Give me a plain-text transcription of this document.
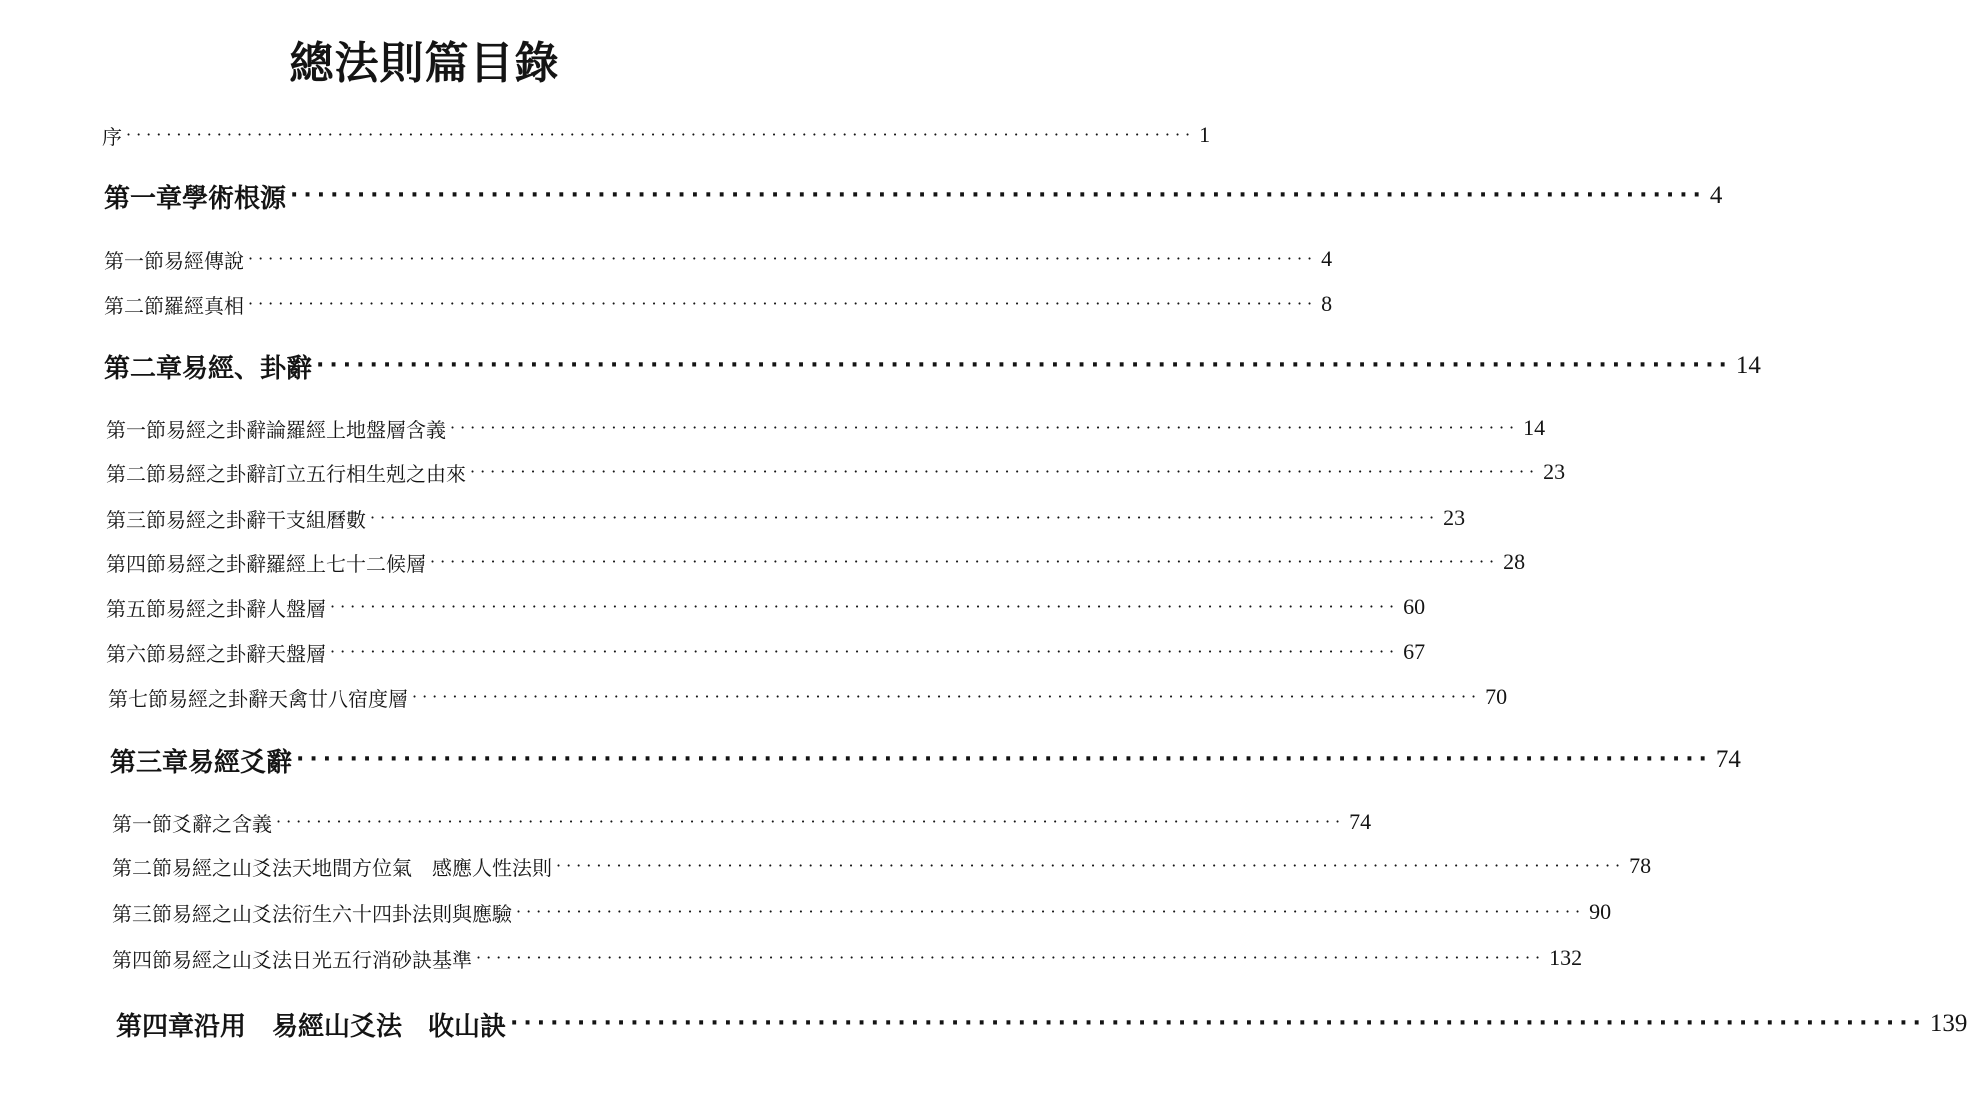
總法則篇目錄
序 ·········································································································· 1
第一章 學術根源 ·········································································································· 4
第一節 易經傳說 ·········································································································· 4
第二節 羅經真相 ·········································································································· 8
第二章 易經、卦辭 ·········································································································· 14
第一節 易經之卦辭 論羅經上地盤層含義 ·········································································································· 14
第二節 易經之卦辭 訂立五行相生剋之由來 ·········································································································· 23
第三節 易經之卦辭 干支組曆數 ·········································································································· 23
第四節 易經之卦辭 羅經上七十二候層 ·········································································································· 28
第五節 易經之卦辭 人盤層 ·········································································································· 60
第六節 易經之卦辭 天盤層 ·········································································································· 67
第七節 易經之卦辭 天禽廿八宿度層 ·········································································································· 70
第三章 易經爻辭 ·········································································································· 74
第一節 爻辭之含義 ·········································································································· 74
第二節 易經之山爻法 天地間方位氣　感應人性法則 ·········································································································· 78
第三節 易經之山爻法 衍生六十四卦法則與應驗 ·········································································································· 90
第四節 易經之山爻法 日光五行消砂訣基準 ·········································································································· 132
第四章 沿用　易經山爻法　收山訣 ·········································································································· 139
